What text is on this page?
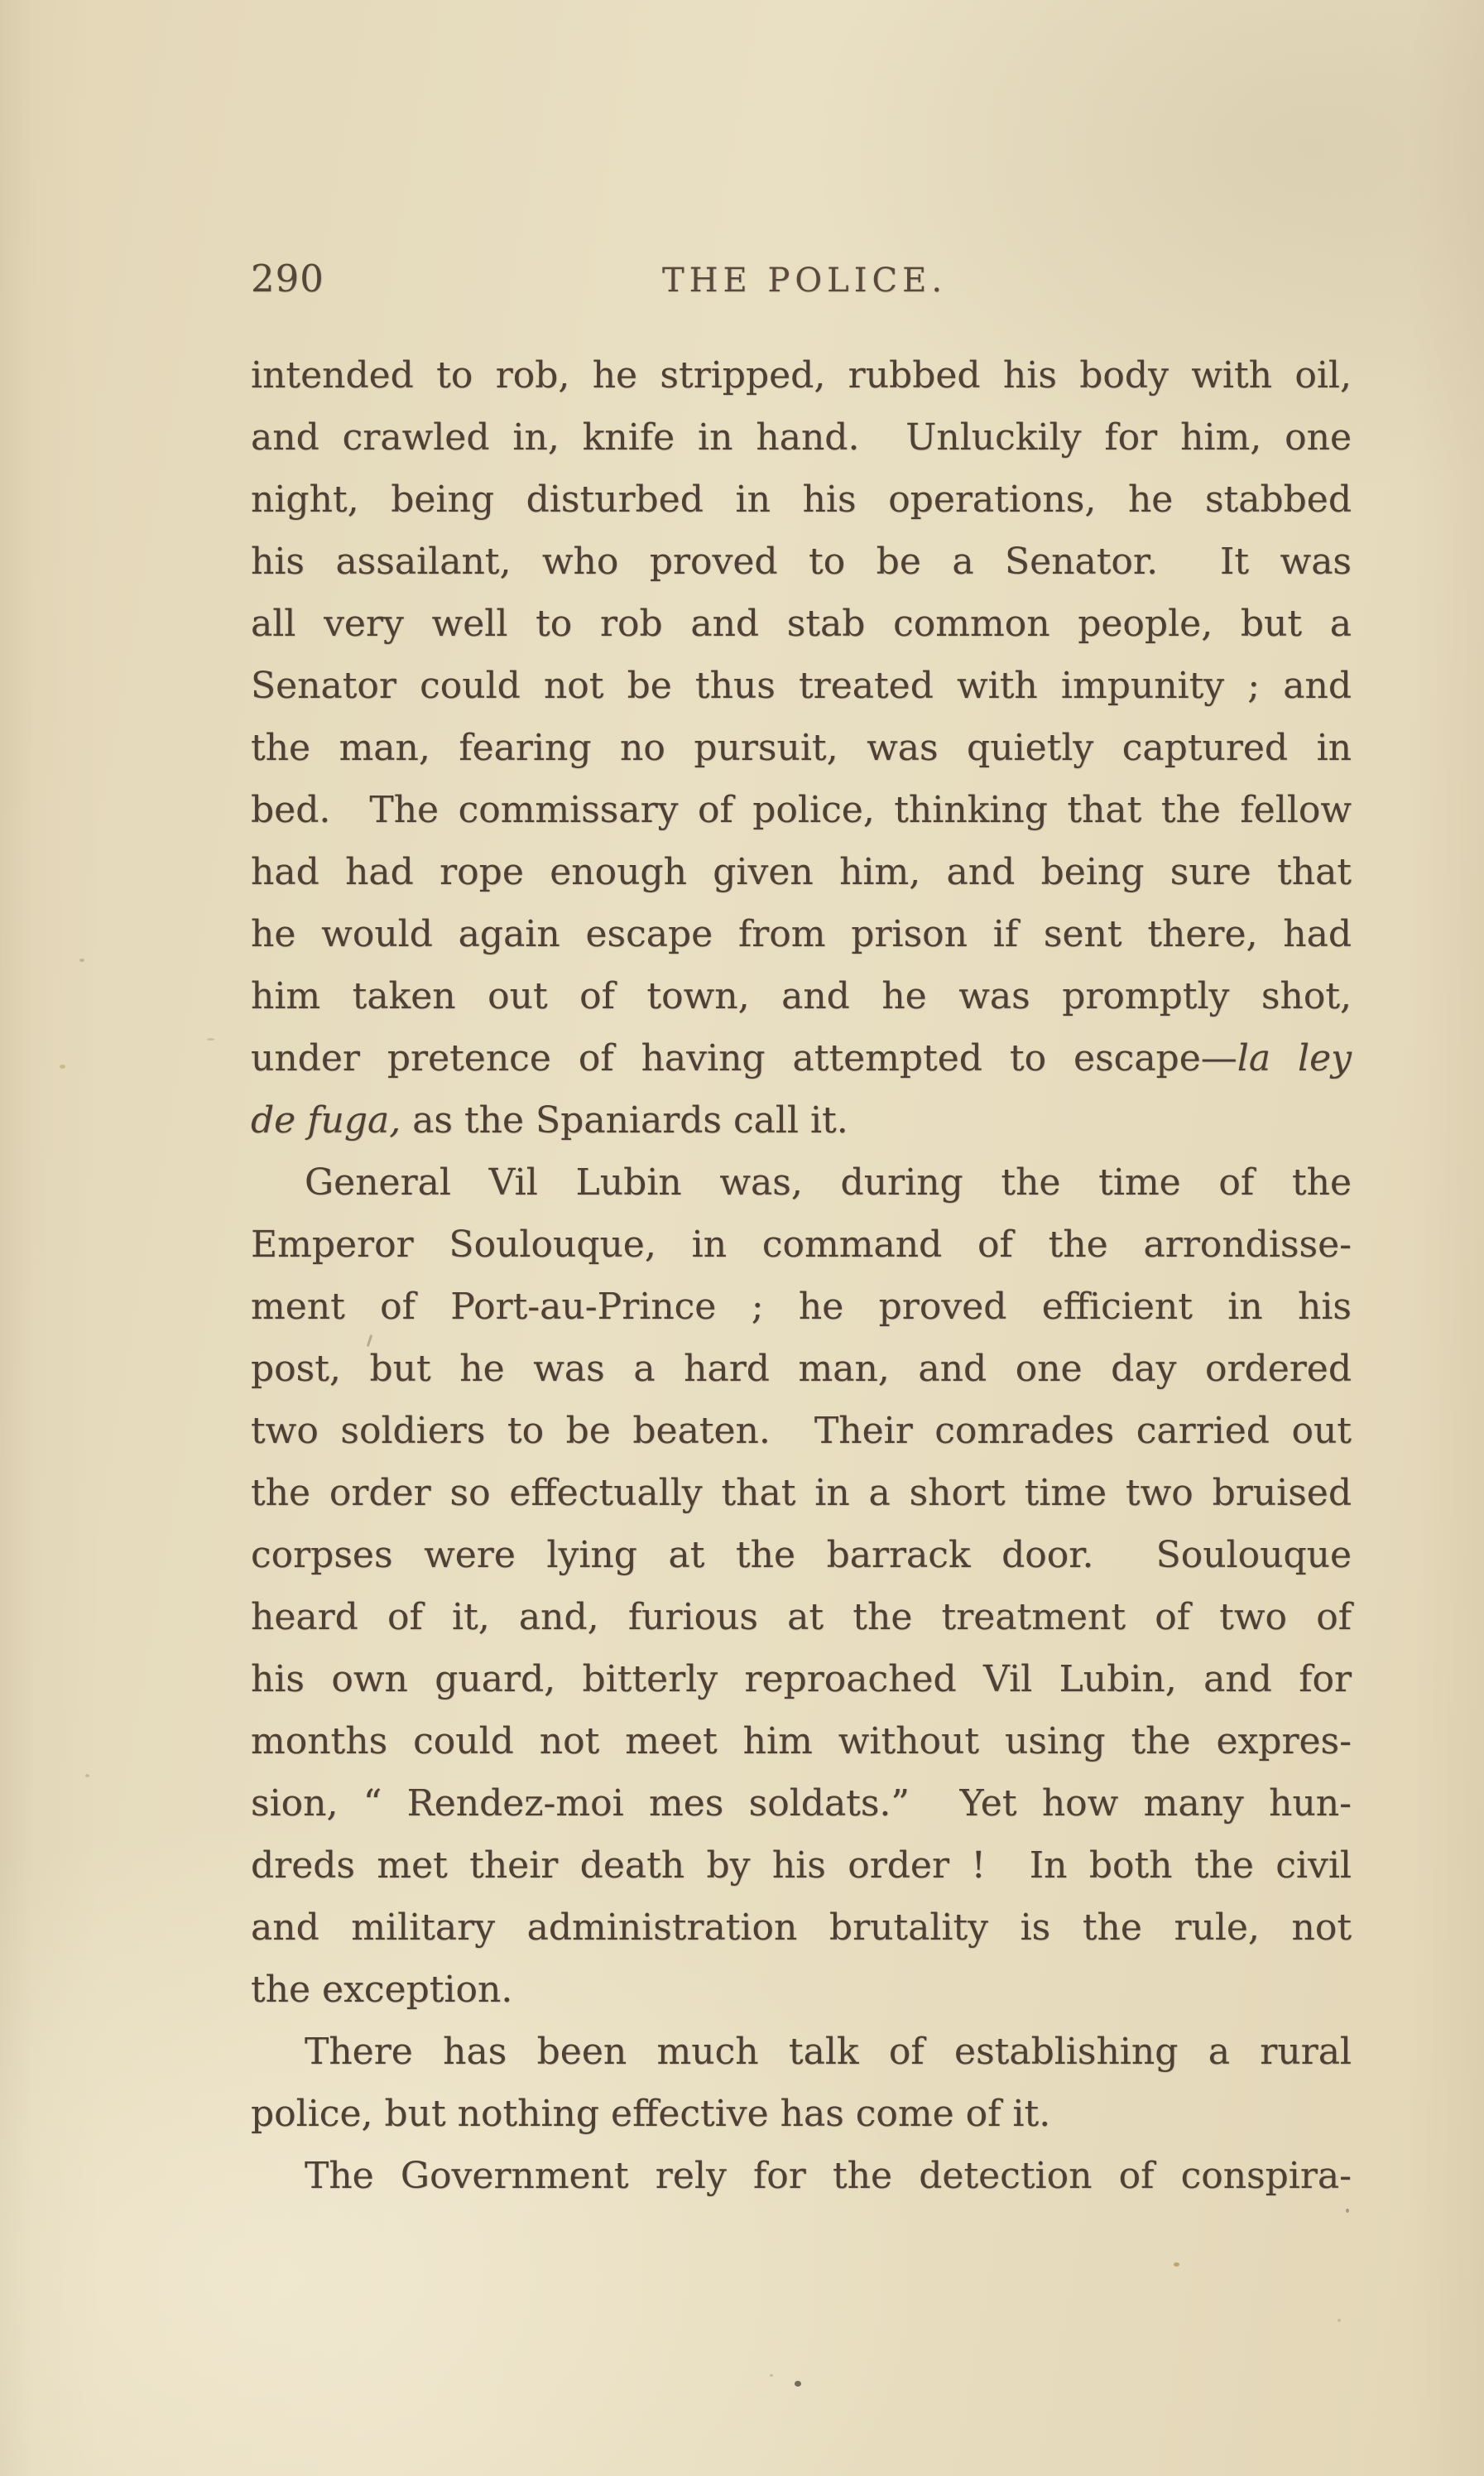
290	THE POLICE.
intended to rob, he stripped, rubbed his body with oil,
and crawled in, knife in hand.  Unluckily for him, one
night, being disturbed in his operations, he stabbed
his assailant, who proved to be a Senator.  It was
all very well to rob and stab common people, but a
Senator could not be thus treated with impunity ; and
the man, fearing no pursuit, was quietly captured in
bed.  The commissary of police, thinking that the fellow
had had rope enough given him, and being sure that
he would again escape from prison if sent there, had
him taken out of town, and he was promptly shot,
under pretence of having attempted to escape—la ley
de fuga, as the Spaniards call it.
General Vil Lubin was, during the time of the
Emperor Soulouque, in command of the arrondisse-
ment of Port-au-Prince ; he proved efficient in his
post, but he was a hard man, and one day ordered
two soldiers to be beaten.  Their comrades carried out
the order so effectually that in a short time two bruised
corpses were lying at the barrack door.  Soulouque
heard of it, and, furious at the treatment of two of
his own guard, bitterly reproached Vil Lubin, and for
months could not meet him without using the expres-
sion, “ Rendez-moi mes soldats.”  Yet how many hun-
dreds met their death by his order !  In both the civil
and military administration brutality is the rule, not
the exception.
There has been much talk of establishing a rural
police, but nothing effective has come of it.
The Government rely for the detection of conspira-
